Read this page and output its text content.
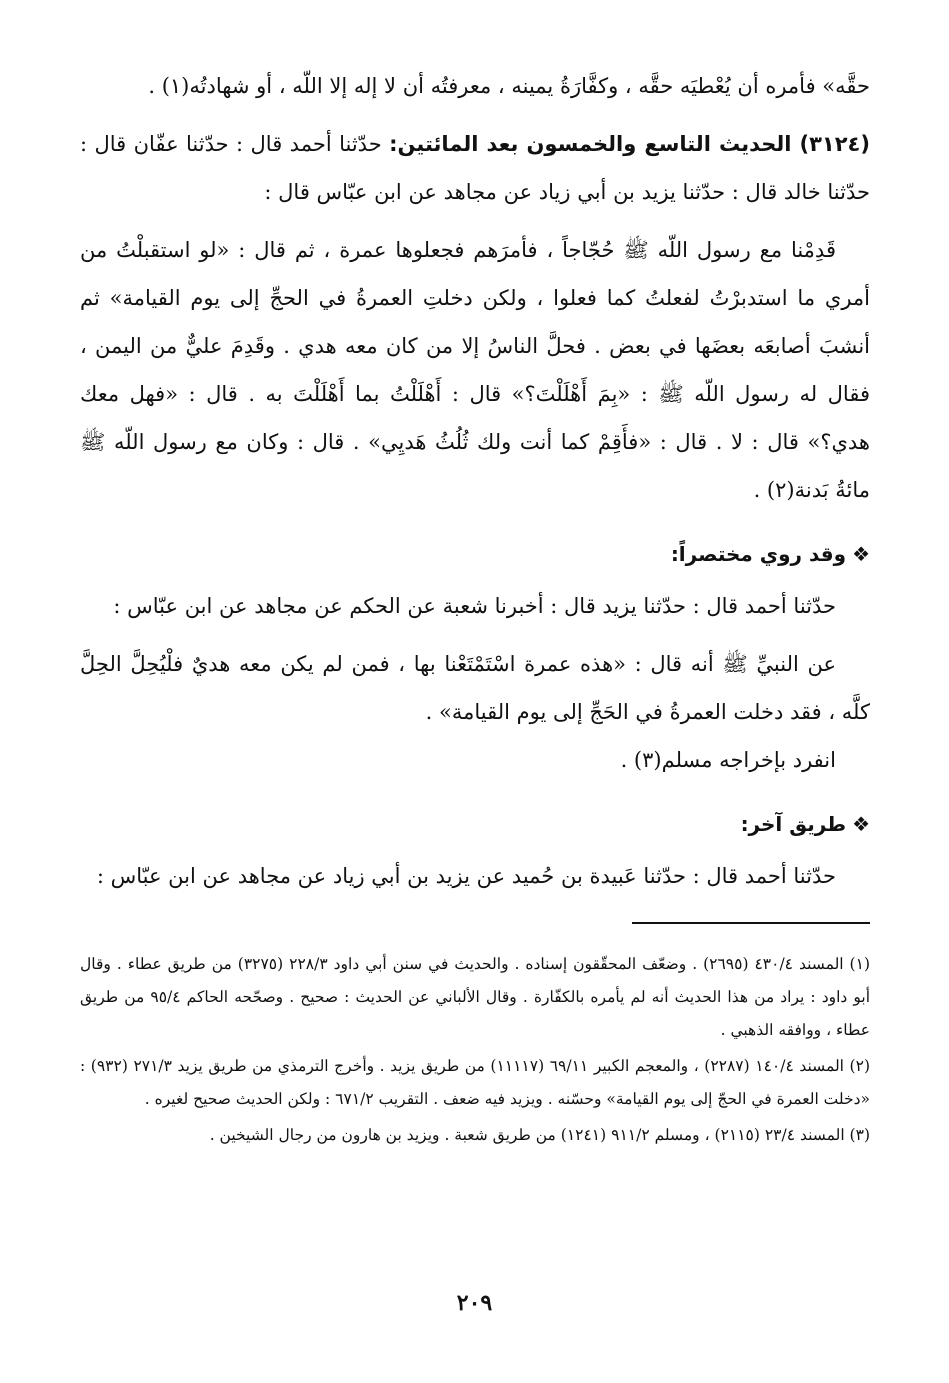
حقَّه» فأمره أن يُعْطيَه حقَّه ، وكفَّارَةُ يمينه ، معرفتُه أن لا إله إلا اللّه ، أو شهادتُه(١) .

(٣١٢٤) الحديث التاسع والخمسون بعد المائتين: حدّثنا أحمد قال : حدّثنا عفّان قال : حدّثنا خالد قال : حدّثنا يزيد بن أبي زياد عن مجاهد عن ابن عبّاس قال :

قَدِمْنا مع رسول اللّه ﷺ حُجّاجاً ، فأمرَهم فجعلوها عمرة ، ثم قال : «لو استقبلْتُ من أمري ما استدبرْتُ لفعلتُ كما فعلوا ، ولكن دخلتِ العمرةُ في الحجِّ إلى يوم القيامة» ثم أنشبَ أصابعَه بعضَها في بعض . فحلَّ الناسُ إلا من كان معه هدي . وقَدِمَ عليٌّ من اليمن ، فقال له رسول اللّه ﷺ : «بِمَ أَهْلَلْتَ؟» قال : أَهْلَلْتُ بما أَهْلَلْتَ به . قال : «فهل معك هدي؟» قال : لا . قال : «فأَقِمْ كما أنت ولك ثُلُثُ هَديِي» . قال : وكان مع رسول اللّه ﷺ مائةُ بَدنة(٢) .

❖وقد روي مختصراً:

حدّثنا أحمد قال : حدّثنا يزيد قال : أخبرنا شعبة عن الحكم عن مجاهد عن ابن عبّاس :

عن النبيِّ ﷺ أنه قال : «هذه عمرة اسْتَمْتَعْنا بها ، فمن لم يكن معه هديٌ فلْيُحِلَّ الحِلَّ كلَّه ، فقد دخلت العمرةُ في الحَجِّ إلى يوم القيامة» .

انفرد بإخراجه مسلم(٣) .

❖طريق آخر:

حدّثنا أحمد قال : حدّثنا عَبيدة بن حُميد عن يزيد بن أبي زياد عن مجاهد عن ابن عبّاس :

(١) المسند ٤٣٠/٤ (٢٦٩٥) . وضعّف المحقّقون إسناده . والحديث في سنن أبي داود ٢٢٨/٣ (٣٢٧٥) من طريق عطاء . وقال أبو داود : يراد من هذا الحديث أنه لم يأمره بالكفّارة . وقال الألباني عن الحديث : صحيح . وصحّحه الحاكم ٩٥/٤ من طريق عطاء ، ووافقه الذهبي .

(٢) المسند ١٤٠/٤ (٢٢٨٧) ، والمعجم الكبير ٦٩/١١ (١١١١٧) من طريق يزيد . وأخرج الترمذي من طريق يزيد ٢٧١/٣ (٩٣٢) : «دخلت العمرة في الحجّ إلى يوم القيامة» وحسّنه . ويزيد فيه ضعف . التقريب ٦٧١/٢ : ولكن الحديث صحيح لغيره .

(٣) المسند ٢٣/٤ (٢١١٥) ، ومسلم ٩١١/٢ (١٢٤١) من طريق شعبة . ويزيد بن هارون من رجال الشيخين .

٢٠٩
